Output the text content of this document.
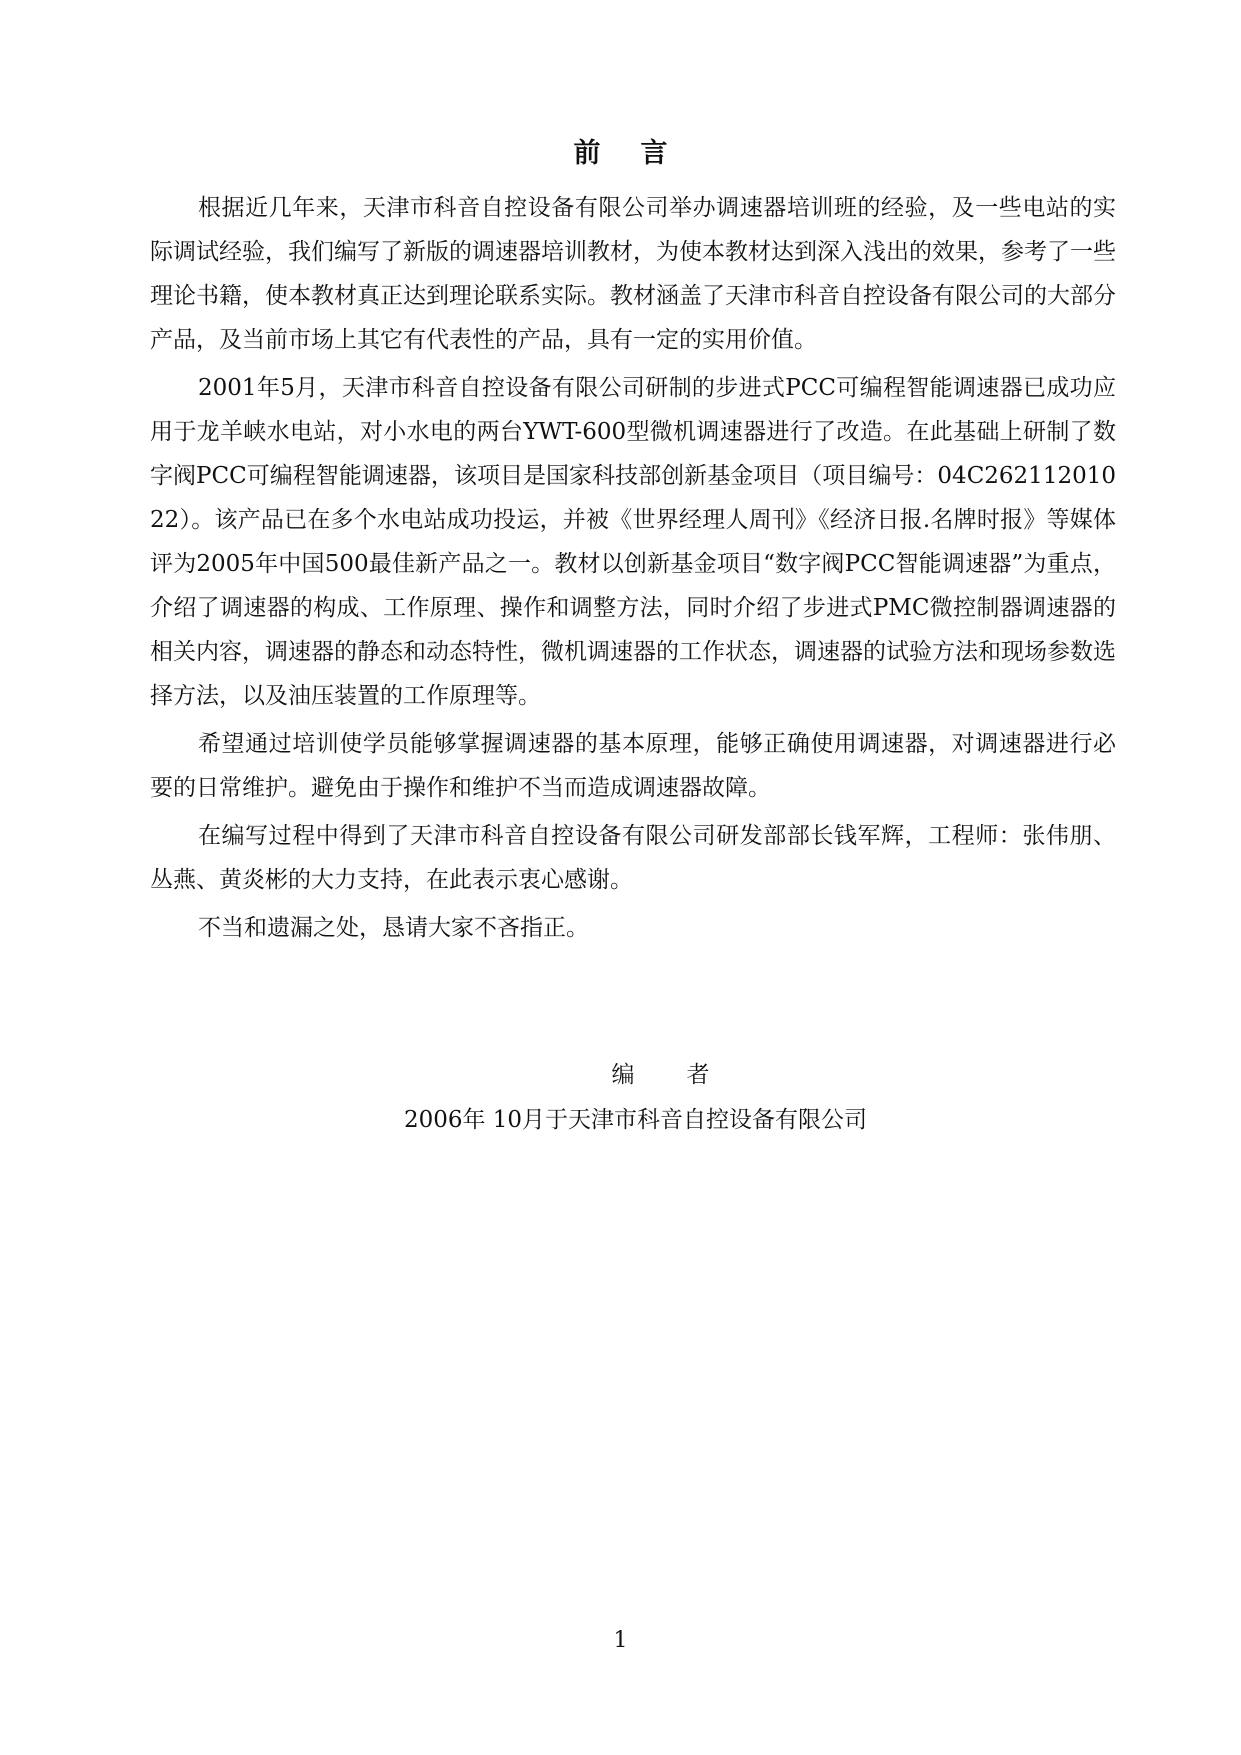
前言

根据近几年来，天津市科音自控设备有限公司举办调速器培训班的经验，及一些电站的实际调试经验，我们编写了新版的调速器培训教材，为使本教材达到深入浅出的效果，参考了一些理论书籍，使本教材真正达到理论联系实际。教材涵盖了天津市科音自控设备有限公司的大部分产品，及当前市场上其它有代表性的产品，具有一定的实用价值。

2001年5月，天津市科音自控设备有限公司研制的步进式PCC可编程智能调速器已成功应用于龙羊峡水电站，对小水电的两台YWT-600型微机调速器进行了改造。在此基础上研制了数字阀PCC可编程智能调速器，该项目是国家科技部创新基金项目（项目编号：04C26211201022）。该产品已在多个水电站成功投运，并被《世界经理人周刊》《经济日报.名牌时报》等媒体评为2005年中国500最佳新产品之一。教材以创新基金项目“数字阀PCC智能调速器”为重点，介绍了调速器的构成、工作原理、操作和调整方法，同时介绍了步进式PMC微控制器调速器的相关内容，调速器的静态和动态特性，微机调速器的工作状态，调速器的试验方法和现场参数选择方法，以及油压装置的工作原理等。

希望通过培训使学员能够掌握调速器的基本原理，能够正确使用调速器，对调速器进行必要的日常维护。避免由于操作和维护不当而造成调速器故障。

在编写过程中得到了天津市科音自控设备有限公司研发部部长钱军辉，工程师：张伟朋、丛燕、黄炎彬的大力支持，在此表示衷心感谢。

不当和遗漏之处，恳请大家不吝指正。

编者
2006年 10月于天津市科音自控设备有限公司
1
